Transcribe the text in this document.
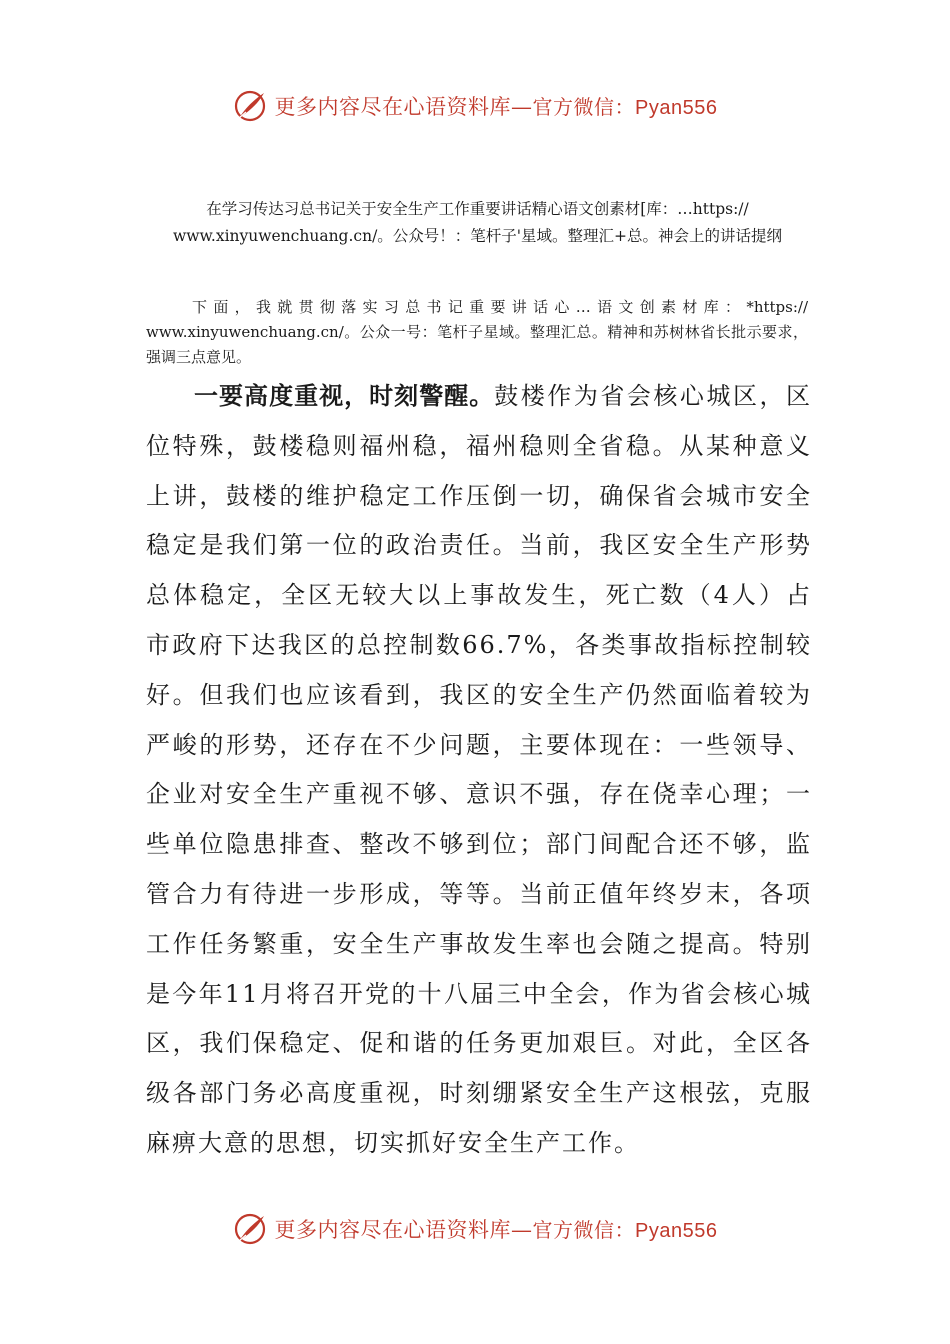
更多内容尽在心语资料库—官方微信：Pyan556
在学习传达习总书记关于安全生产工作重要讲话精心语文创素材[库：…https:// www.xinyuwenchuang.cn/。公众号！：笔杆子'星域。整理汇+总。神会上的讲话提纲
下面，我就贯彻落实习总书记重要讲话心…语文创素材库：*https:// www.xinyuwenchuang.cn/。公众一号：笔杆子星域。整理汇总。精神和苏树林省长批示要求，强调三点意见。
一要高度重视，时刻警醒。鼓楼作为省会核心城区，区位特殊，鼓楼稳则福州稳，福州稳则全省稳。从某种意义上讲，鼓楼的维护稳定工作压倒一切，确保省会城市安全稳定是我们第一位的政治责任。当前，我区安全生产形势总体稳定，全区无较大以上事故发生，死亡数（4人）占市政府下达我区的总控制数66.7%，各类事故指标控制较好。但我们也应该看到，我区的安全生产仍然面临着较为严峻的形势，还存在不少问题，主要体现在：一些领导、企业对安全生产重视不够、意识不强，存在侥幸心理；一些单位隐患排查、整改不够到位；部门间配合还不够，监管合力有待进一步形成，等等。当前正值年终岁末，各项工作任务繁重，安全生产事故发生率也会随之提高。特别是今年11月将召开党的十八届三中全会，作为省会核心城区，我们保稳定、促和谐的任务更加艰巨。对此，全区各级各部门务必高度重视，时刻绷紧安全生产这根弦，克服麻痹大意的思想，切实抓好安全生产工作。
更多内容尽在心语资料库—官方微信：Pyan556
